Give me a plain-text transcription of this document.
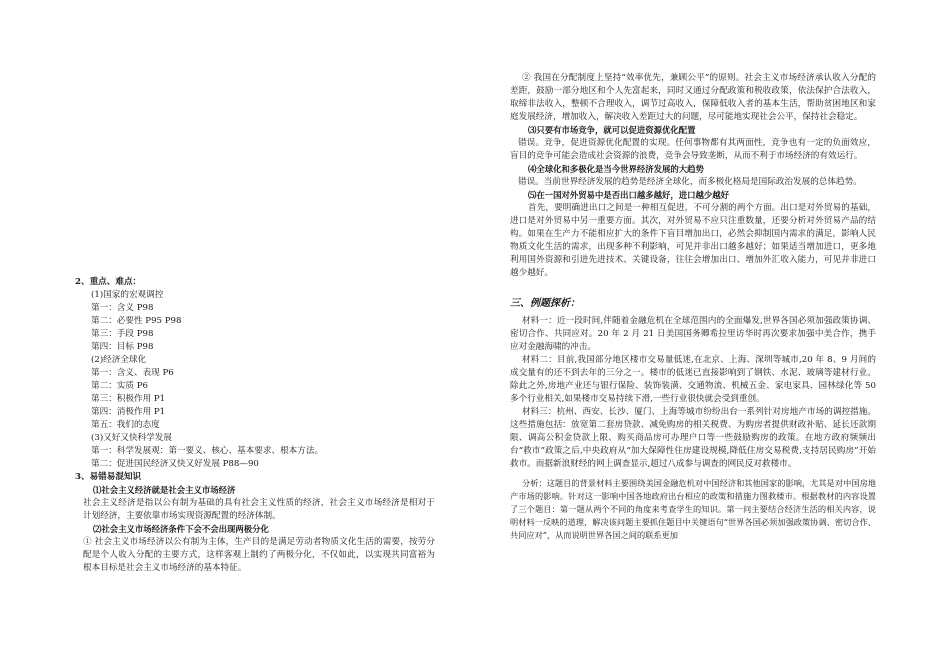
2、重点、难点：

(1)国家的宏观调控

第一：含义 P98

第二：必要性 P95 P98

第三：手段 P98

第四：目标 P98

(2)经济全球化

第一：含义、表现 P6

第二：实质 P6

第三：积极作用 P1

第四：消极作用 P1

第五：我们的态度

(3)又好又快科学发展

第一：科学发展观：第一要义、核心、基本要求、根本方法。

第二：促进国民经济又快又好发展 P88—90

3、易错易混知识

⑴社会主义经济就是社会主义市场经济

社会主义经济是指以公有制为基础的具有社会主义性质的经济，社会主义市场经济是相对于计划经济，主要依靠市场实现资源配置的经济体制。

⑵社会主义市场经济条件下会不会出现两极分化

① 社会主义市场经济以公有制为主体，生产目的是满足劳动者物质文化生活的需要，按劳分配是个人收入分配的主要方式，这样客观上制约了两极分化，不仅如此，以实现共同富裕为根本目标是社会主义市场经济的基本特征。

② 我国在分配制度上坚持“效率优先，兼顾公平”的原则。社会主义市场经济承认收入分配的差距，鼓励一部分地区和个人先富起来，同时又通过分配政策和税收政策，依法保护合法收入，取缔非法收入，整顿不合理收入，调节过高收入，保障低收入者的基本生活，帮助贫困地区和家庭发展经济，增加收入，解决收入差距过大的问题，尽可能地实现社会公平，保持社会稳定。

⑶只要有市场竞争，就可以促进资源优化配置

错误。竞争，促进资源优化配置的实现。任何事物都有其两面性，竞争也有一定的负面效应，盲目的竞争可能会造成社会资源的浪费，竞争会导致垄断，从而不利于市场经济的有效运行。

⑷全球化和多极化是当今世界经济发展的大趋势

错误。当前世界经济发展的趋势是经济全球化，而多极化格局是国际政治发展的总体趋势。

⑸在一国对外贸易中是否出口越多越好，进口越少越好

首先，要明确进出口之间是一种相互促进，不可分割的两个方面。出口是对外贸易的基础，进口是对外贸易中另一重要方面。其次，对外贸易不应只注重数量，还要分析对外贸易产品的结构。如果在生产力不能相应扩大的条件下盲目增加出口，必然会抑制国内需求的满足，影响人民物质文化生活的需求，出现多种不利影响，可见并非出口越多越好；如果适当增加进口，更多地利用国外资源和引进先进技术、关键设备，往往会增加出口、增加外汇收入能力，可见并非进口越少越好。

三、例题探析：

材料一：近一段时间,伴随着金融危机在全球范围内的全面爆发,世界各国必须加强政策协调、密切合作、共同应对。20 年 2 月 21 日美国国务卿希拉里访华时再次要求加强中美合作，携手应对金融海啸的冲击。

材料二：目前,我国部分地区楼市交易量低迷,在北京、上海、深圳等城市,20 年 8、9 月间的成交量有的还不到去年的三分之一。楼市的低迷已直接影响到了钢铁、水泥、玻璃等建材行业。除此之外,房地产业还与银行保险、装饰装潢、交通物流、机械五金、家电家具、园林绿化等 50 多个行业相关,如果楼市交易持续下滑,一些行业很快就会受到重创。

材料三：杭州、西安、长沙、厦门、上海等城市纷纷出台一系列针对房地产市场的调控措施。这些措施包括：放宽第二套房贷款、减免购房的相关税费、为购房者提供财政补贴、延长还款期限、调高公积金贷款上限、购买商品房可办理户口等一些鼓励购房的政策。在地方政府频频出台“救市”政策之后,中央政府从“加大保障性住房建设规模,降低住房交易税费,支持居民购房”开始救市。而据新浪财经的网上调查显示,超过八成参与调查的网民反对救楼市。

分析：这题目的背景材料主要围绕美国金融危机对中国经济和其他国家的影响，尤其是对中国房地产市场的影响。针对这一影响中国各地政府出台相应的政策和措施力图救楼市。根据教材的内容设置了三个题目：第一题从两个不同的角度来考查学生的知识。第一问主要结合经济生活的相关内容，说明材料一反映的道理，解决该问题主要抓住题目中关键语句“世界各国必须加强政策协调、密切合作、共同应对”，从而说明世界各国之间的联系更加
